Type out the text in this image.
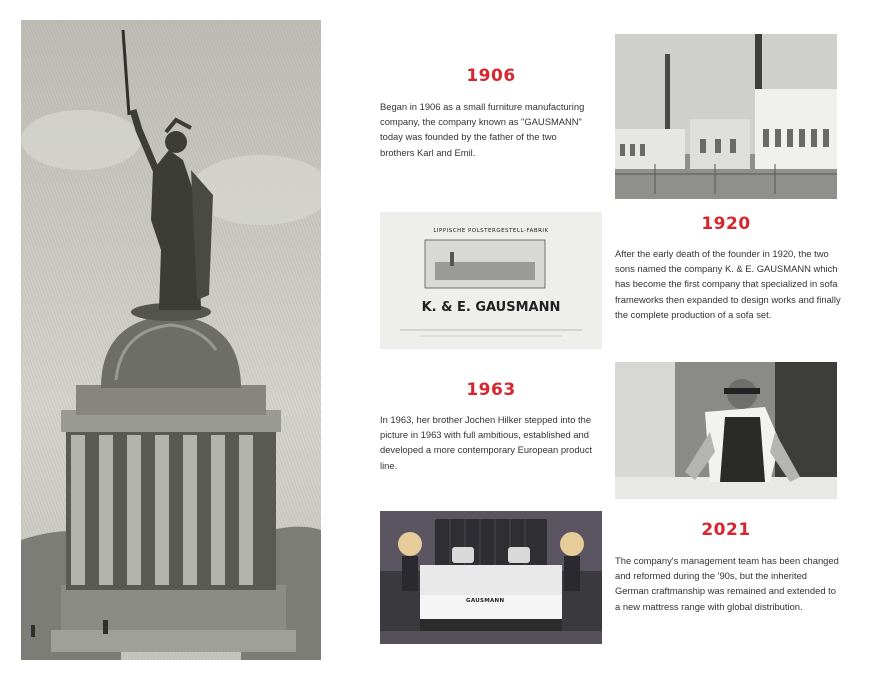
1906
Began in 1906 as a small furniture manufacturing company, the company known as "GAUSMANN" today was founded by the father of the two brothers Karl and Emil.
LIPPISCHE POLSTERGESTELL-FABRIK
K. & E. GAUSMANN
1920
After the early death of the founder in 1920, the two sons named the company K. & E. GAUSMANN which has become the first company that specialized in sofa frameworks then expanded to design works and finally the complete production of a sofa set.
1963
In 1963, her brother Jochen Hilker stepped into the picture in 1963 with full ambitious, established and developed a more contemporary European product line.
2021
The company's management team has been changed and reformed during the '90s, but the inherited German craftmanship was remained and extended to a new mattress range with global distribution.
GAUSMANN
